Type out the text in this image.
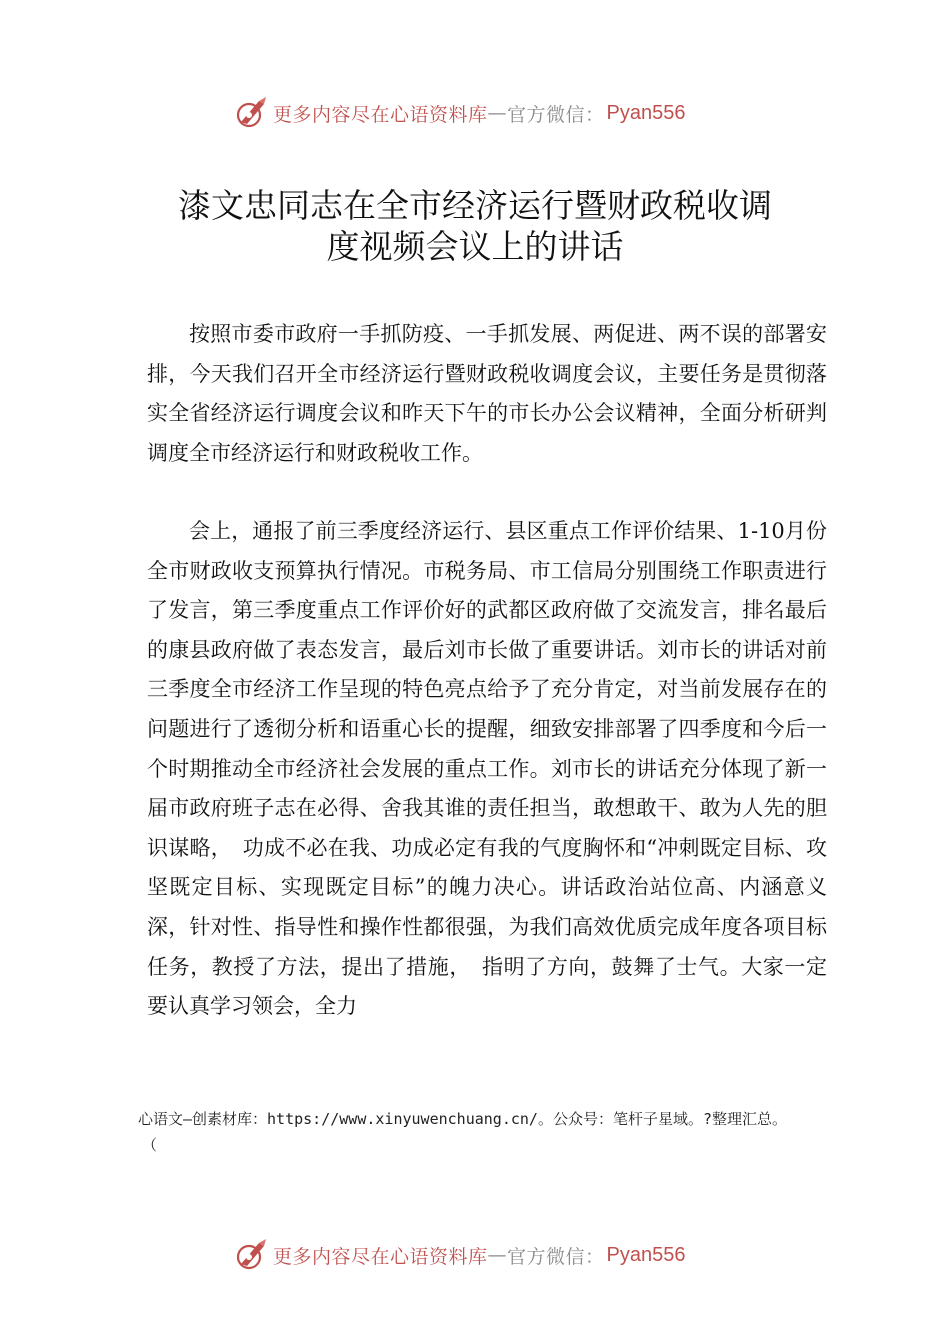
更多内容尽在心语资料库 — 官方微信： Pyan556
漆文忠同志在全市经济运行暨财政税收调
度视频会议上的讲话

按照市委市政府一手抓防疫、一手抓发展、两促进、两不误的部署安排，今天我们召开全市经济运行暨财政税收调度会议，主要任务是贯彻落实全省经济运行调度会议和昨天下午的市长办公会议精神，全面分析研判调度全市经济运行和财政税收工作。

会上，通报了前三季度经济运行、县区重点工作评价结果、1-10月份全市财政收支预算执行情况。市税务局、市工信局分别围绕工作职责进行了发言，第三季度重点工作评价好的武都区政府做了交流发言，排名最后的康县政府做了表态发言，最后刘市长做了重要讲话。刘市长的讲话对前三季度全市经济工作呈现的特色亮点给予了充分肯定，对当前发展存在的问题进行了透彻分析和语重心长的提醒，细致安排部署了四季度和今后一个时期推动全市经济社会发展的重点工作。刘市长的讲话充分体现了新一届市政府班子志在必得、舍我其谁的责任担当，敢想敢干、敢为人先的胆识谋略，　功成不必在我、功成必定有我的气度胸怀和“冲刺既定目标、攻坚既定目标、实现既定目标”的魄力决心。讲话政治站位高、内涵意义深，针对性、指导性和操作性都很强，为我们高效优质完成年度各项目标任务，教授了方法，提出了措施，　指明了方向，鼓舞了士气。大家一定要认真学习领会，全力

心语文—创素材库：https://www.xinyuwenchuang.cn/。公众号：笔杆子星域。?整理汇总。
（
更多内容尽在心语资料库 — 官方微信： Pyan556
